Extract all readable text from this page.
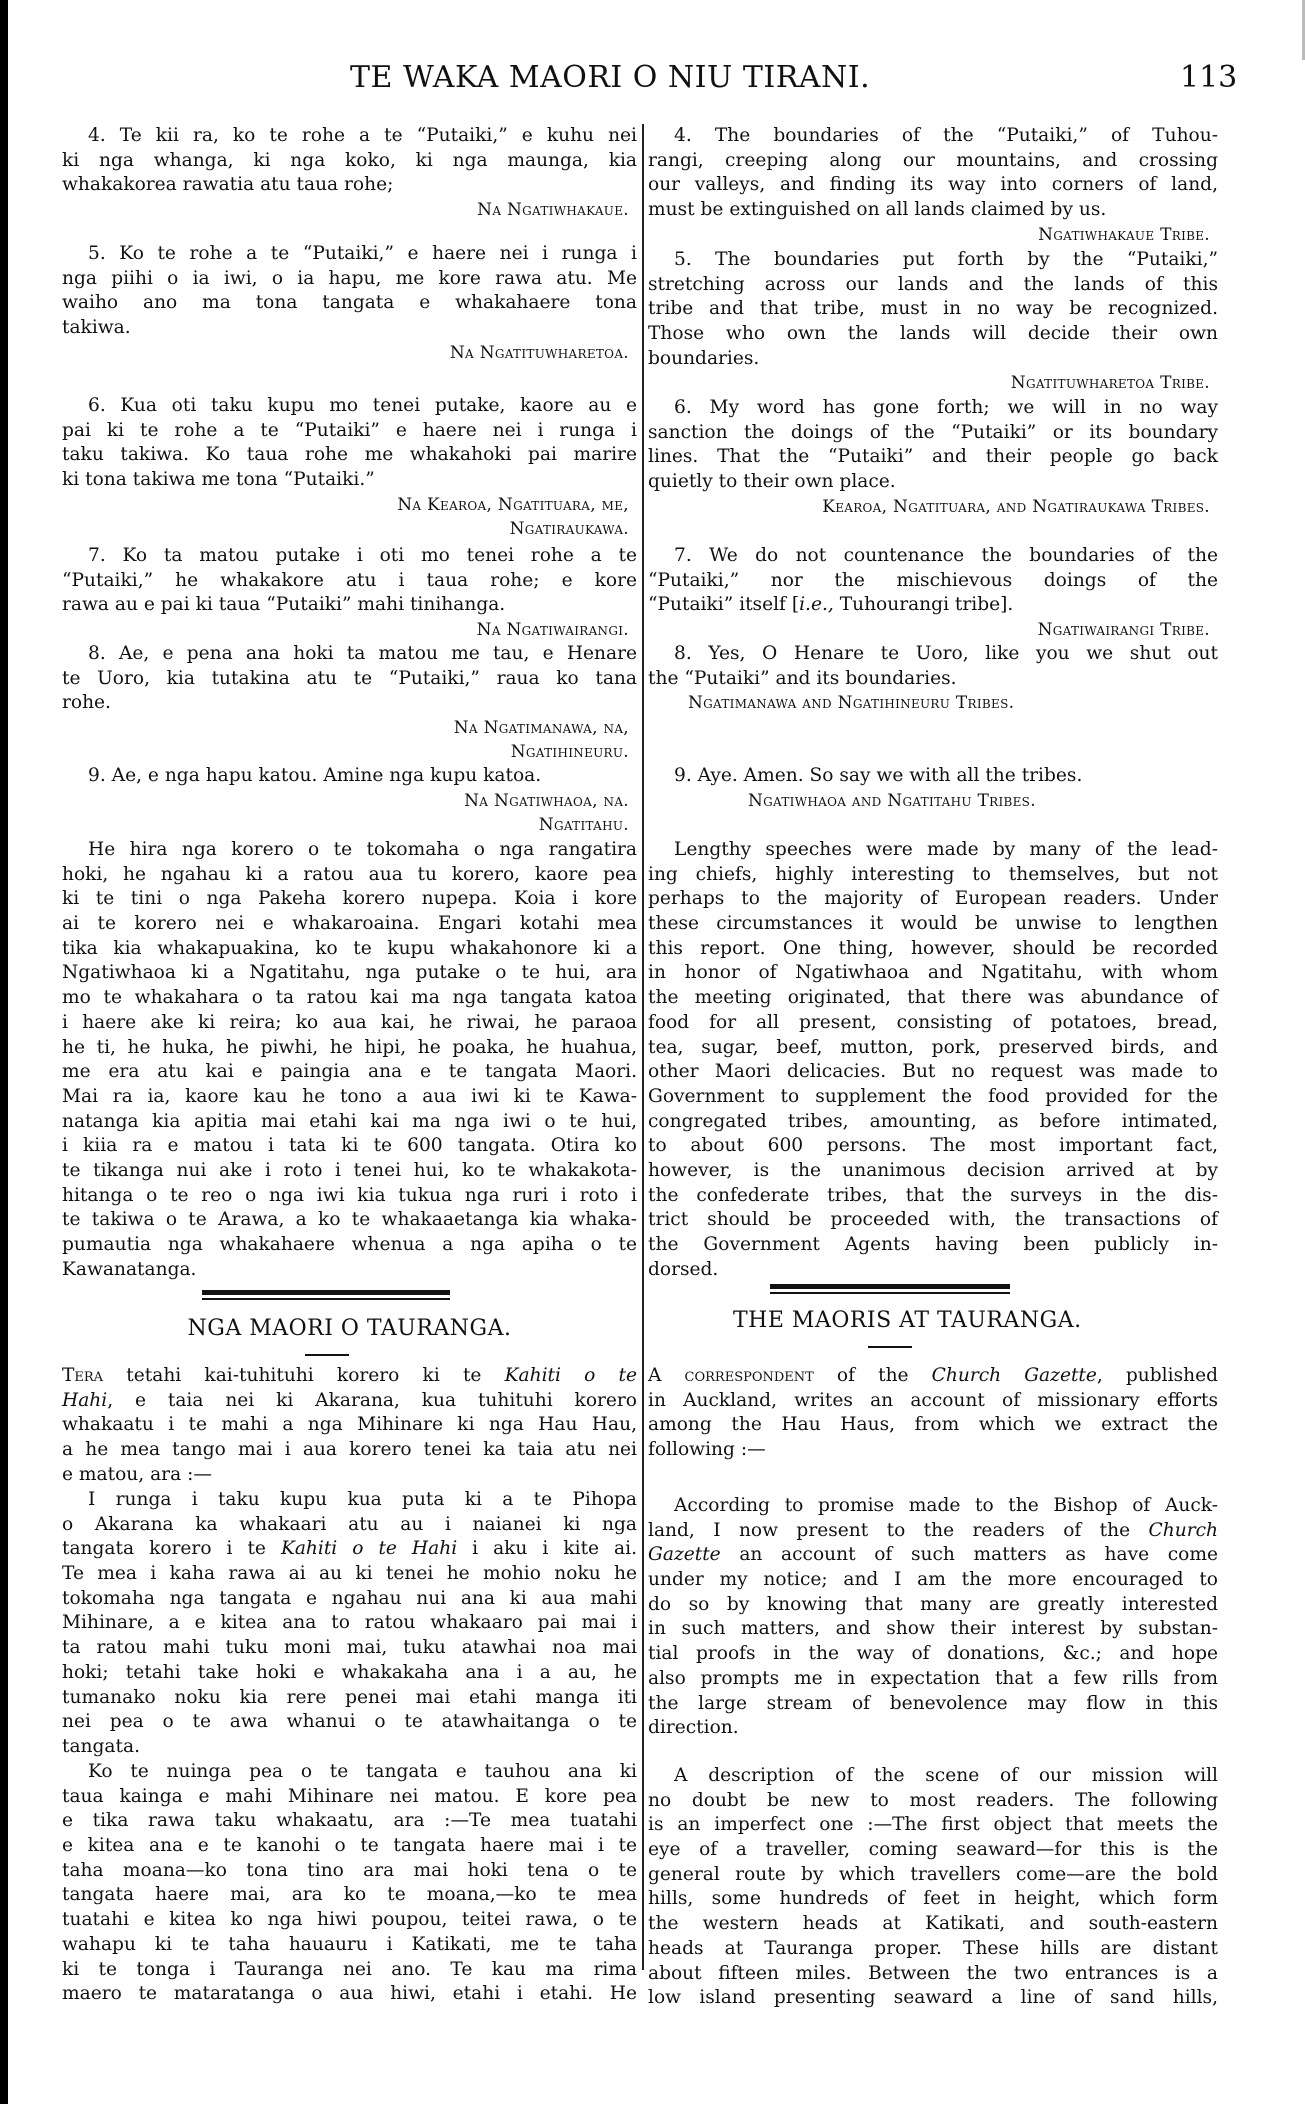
TE WAKA MAORI O NIU TIRANI.	113
4. Te kii ra, ko te rohe a te “Putaiki,” e kuhu nei
ki nga whanga, ki nga koko, ki nga maunga, kia
whakakorea rawatia atu taua rohe;
Na Ngatiwhakaue.
5. Ko te rohe a te “Putaiki,” e haere nei i runga i
nga piihi o ia iwi, o ia hapu, me kore rawa atu. Me
waiho ano ma tona tangata e whakahaere tona
takiwa.
Na Ngatituwharetoa.
6. Kua oti taku kupu mo tenei putake, kaore au e
pai ki te rohe a te “Putaiki” e haere nei i runga i
taku takiwa. Ko taua rohe me whakahoki pai marire
ki tona takiwa me tona “Putaiki.”
Na Kearoa, Ngatituara, me,
Ngatiraukawa.
7. Ko ta matou putake i oti mo tenei rohe a te
“Putaiki,” he whakakore atu i taua rohe; e kore
rawa au e pai ki taua “Putaiki” mahi tinihanga.
Na Ngatiwairangi.
8. Ae, e pena ana hoki ta matou me tau, e Henare
te Uoro, kia tutakina atu te “Putaiki,” raua ko tana
rohe.
Na Ngatimanawa, na,
Ngatihineuru.
9. Ae, e nga hapu katou. Amine nga kupu katoa.
Na Ngatiwhaoa, na.
Ngatitahu.
He hira nga korero o te tokomaha o nga rangatira
hoki, he ngahau ki a ratou aua tu korero, kaore pea
ki te tini o nga Pakeha korero nupepa. Koia i kore
ai te korero nei e whakaroaina. Engari kotahi mea
tika kia whakapuakina, ko te kupu whakahonore ki a
Ngatiwhaoa ki a Ngatitahu, nga putake o te hui, ara
mo te whakahara o ta ratou kai ma nga tangata katoa
i haere ake ki reira; ko aua kai, he riwai, he paraoa
he ti, he huka, he piwhi, he hipi, he poaka, he huahua,
me era atu kai e paingia ana e te tangata Maori.
Mai ra ia, kaore kau he tono a aua iwi ki te Kawa-
natanga kia apitia mai etahi kai ma nga iwi o te hui,
i kiia ra e matou i tata ki te 600 tangata. Otira ko
te tikanga nui ake i roto i tenei hui, ko te whakakota-
hitanga o te reo o nga iwi kia tukua nga ruri i roto i
te takiwa o te Arawa, a ko te whakaaetanga kia whaka-
pumautia nga whakahaere whenua a nga apiha o te
Kawanatanga.
NGA MAORI O TAURANGA.
Tera tetahi kai-tuhituhi korero ki te Kahiti o te
Hahi, e taia nei ki Akarana, kua tuhituhi korero
whakaatu i te mahi a nga Mihinare ki nga Hau Hau,
a he mea tango mai i aua korero tenei ka taia atu nei
e matou, ara :—
I runga i taku kupu kua puta ki a te Pihopa
o Akarana ka whakaari atu au i naianei ki nga
tangata korero i te Kahiti o te Hahi i aku i kite ai.
Te mea i kaha rawa ai au ki tenei he mohio noku he
tokomaha nga tangata e ngahau nui ana ki aua mahi
Mihinare, a e kitea ana to ratou whakaaro pai mai i
ta ratou mahi tuku moni mai, tuku atawhai noa mai
hoki; tetahi take hoki e whakakaha ana i a au, he
tumanako noku kia rere penei mai etahi manga iti
nei pea o te awa whanui o te atawhaitanga o te
tangata.
Ko te nuinga pea o te tangata e tauhou ana ki
taua kainga e mahi Mihinare nei matou. E kore pea
e tika rawa taku whakaatu, ara :—Te mea tuatahi
e kitea ana e te kanohi o te tangata haere mai i te
taha moana—ko tona tino ara mai hoki tena o te
tangata haere mai, ara ko te moana,—ko te mea
tuatahi e kitea ko nga hiwi poupou, teitei rawa, o te
wahapu ki te taha hauauru i Katikati, me te taha
ki te tonga i Tauranga nei ano. Te kau ma rima
maero te mataratanga o aua hiwi, etahi i etahi. He
4. The boundaries of the “Putaiki,” of Tuhou-
rangi, creeping along our mountains, and crossing
our valleys, and finding its way into corners of land,
must be extinguished on all lands claimed by us.
Ngatiwhakaue Tribe.
5. The boundaries put forth by the “Putaiki,”
stretching across our lands and the lands of this
tribe and that tribe, must in no way be recognized.
Those who own the lands will decide their own
boundaries.
Ngatituwharetoa Tribe.
6. My word has gone forth; we will in no way
sanction the doings of the “Putaiki” or its boundary
lines. That the “Putaiki” and their people go back
quietly to their own place.
Kearoa, Ngatituara, and Ngatiraukawa Tribes.
7. We do not countenance the boundaries of the
“Putaiki,” nor the mischievous doings of the
“Putaiki” itself [i.e., Tuhourangi tribe].
Ngatiwairangi Tribe.
8. Yes, O Henare te Uoro, like you we shut out
the “Putaiki” and its boundaries.
Ngatimanawa and Ngatihineuru Tribes.
9. Aye. Amen. So say we with all the tribes.
Ngatiwhaoa and Ngatitahu Tribes.
Lengthy speeches were made by many of the lead-
ing chiefs, highly interesting to themselves, but not
perhaps to the majority of European readers. Under
these circumstances it would be unwise to lengthen
this report. One thing, however, should be recorded
in honor of Ngatiwhaoa and Ngatitahu, with whom
the meeting originated, that there was abundance of
food for all present, consisting of potatoes, bread,
tea, sugar, beef, mutton, pork, preserved birds, and
other Maori delicacies. But no request was made to
Government to supplement the food provided for the
congregated tribes, amounting, as before intimated,
to about 600 persons. The most important fact,
however, is the unanimous decision arrived at by
the confederate tribes, that the surveys in the dis-
trict should be proceeded with, the transactions of
the Government Agents having been publicly in-
dorsed.
THE MAORIS AT TAURANGA.
A correspondent of the Church Gazette, published
in Auckland, writes an account of missionary efforts
among the Hau Haus, from which we extract the
following :—
According to promise made to the Bishop of Auck-
land, I now present to the readers of the Church
Gazette an account of such matters as have come
under my notice; and I am the more encouraged to
do so by knowing that many are greatly interested
in such matters, and show their interest by substan-
tial proofs in the way of donations, &c.; and hope
also prompts me in expectation that a few rills from
the large stream of benevolence may flow in this
direction.
A description of the scene of our mission will
no doubt be new to most readers. The following
is an imperfect one :—The first object that meets the
eye of a traveller, coming seaward—for this is the
general route by which travellers come—are the bold
hills, some hundreds of feet in height, which form
the western heads at Katikati, and south-eastern
heads at Tauranga proper. These hills are distant
about fifteen miles. Between the two entrances is a
low island presenting seaward a line of sand hills,
